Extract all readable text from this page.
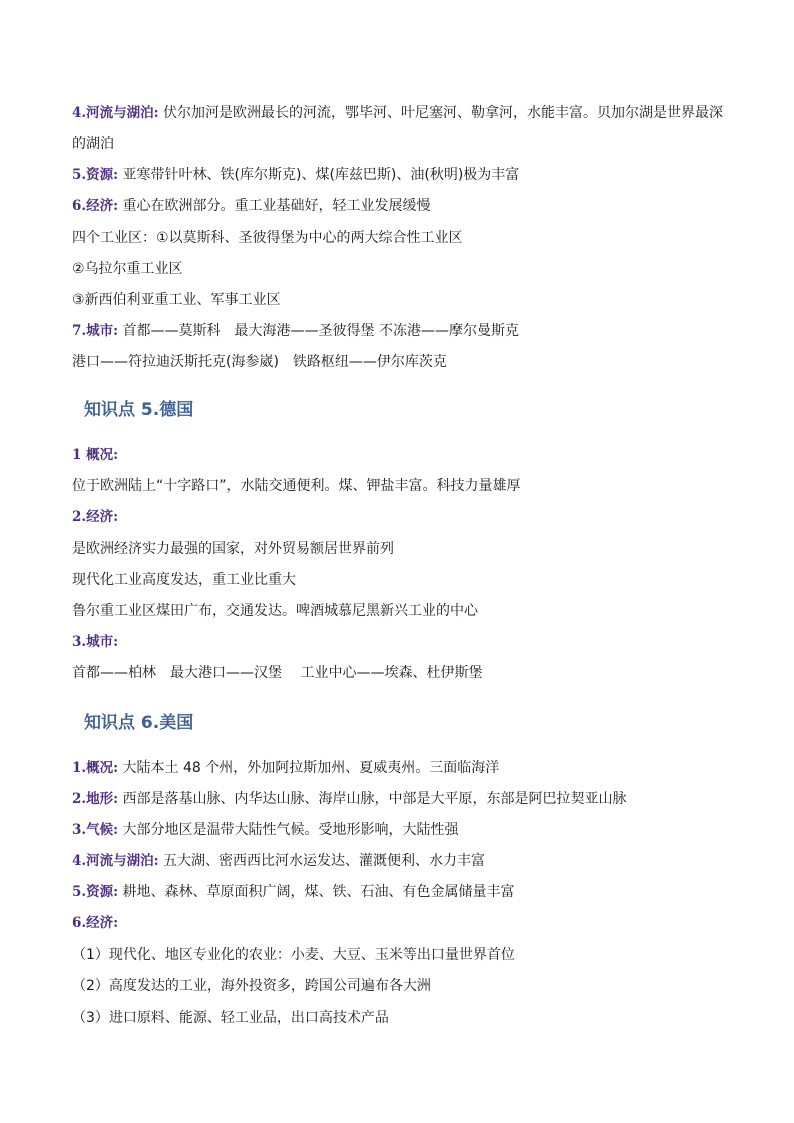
4.河流与湖泊: 伏尔加河是欧洲最长的河流，鄂毕河、叶尼塞河、勒拿河，水能丰富。贝加尔湖是世界最深
的湖泊
5.资源: 亚寒带针叶林、铁(库尔斯克)、煤(库兹巴斯)、油(秋明)极为丰富
6.经济: 重心在欧洲部分。重工业基础好，轻工业发展缓慢
四个工业区：①以莫斯科、圣彼得堡为中心的两大综合性工业区
②乌拉尔重工业区
③新西伯利亚重工业、军事工业区
7.城市: 首都——莫斯科　最大海港——圣彼得堡 不冻港——摩尔曼斯克
港口——符拉迪沃斯托克(海参崴)　铁路枢纽——伊尔库茨克
知识点 5.德国
1 概况:
位于欧洲陆上“十字路口”，水陆交通便利。煤、钾盐丰富。科技力量雄厚
2.经济:
是欧洲经济实力最强的国家，对外贸易额居世界前列
现代化工业高度发达，重工业比重大
鲁尔重工业区煤田广布，交通发达。啤酒城慕尼黑新兴工业的中心
3.城市:
首都——柏林　最大港口——汉堡　 工业中心——埃森、杜伊斯堡
知识点 6.美国
1.概况: 大陆本土 48 个州，外加阿拉斯加州、夏威夷州。三面临海洋
2.地形: 西部是落基山脉、内华达山脉、海岸山脉，中部是大平原，东部是阿巴拉契亚山脉
3.气候: 大部分地区是温带大陆性气候。受地形影响，大陆性强
4.河流与湖泊: 五大湖、密西西比河水运发达、灌溉便利、水力丰富
5.资源: 耕地、森林、草原面积广阔，煤、铁、石油、有色金属储量丰富
6.经济:
（1）现代化、地区专业化的农业：小麦、大豆、玉米等出口量世界首位
（2）高度发达的工业，海外投资多，跨国公司遍布各大洲
（3）进口原料、能源、轻工业品，出口高技术产品
